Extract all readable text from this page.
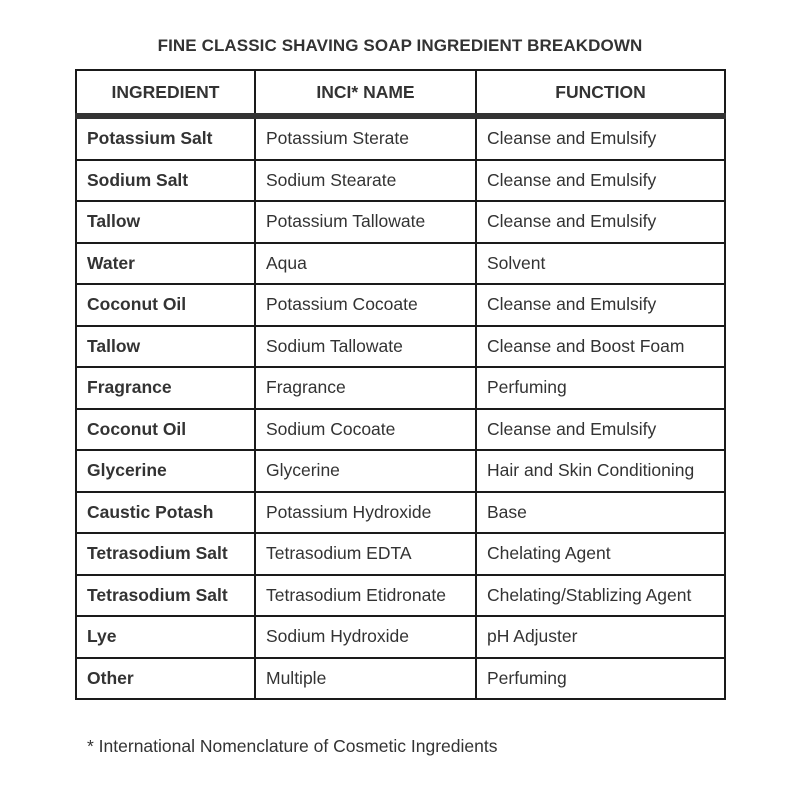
FINE CLASSIC SHAVING SOAP INGREDIENT BREAKDOWN
INGREDIENT	INCI* NAME	FUNCTION
Potassium Salt	Potassium Sterate	Cleanse and Emulsify
Sodium Salt	Sodium Stearate	Cleanse and Emulsify
Tallow	Potassium Tallowate	Cleanse and Emulsify
Water	Aqua	Solvent
Coconut Oil	Potassium Cocoate	Cleanse and Emulsify
Tallow	Sodium Tallowate	Cleanse and Boost Foam
Fragrance	Fragrance	Perfuming
Coconut Oil	Sodium Cocoate	Cleanse and Emulsify
Glycerine	Glycerine	Hair and Skin Conditioning
Caustic Potash	Potassium Hydroxide	Base
Tetrasodium Salt	Tetrasodium EDTA	Chelating Agent
Tetrasodium Salt	Tetrasodium Etidronate	Chelating/Stablizing Agent
Lye	Sodium Hydroxide	pH Adjuster
Other	Multiple	Perfuming
* International Nomenclature of Cosmetic Ingredients
